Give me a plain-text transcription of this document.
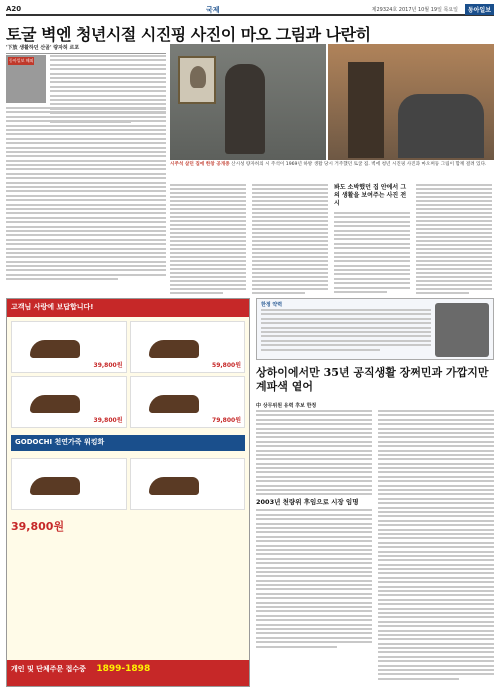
A20	국제	제29324호 2017년 10월 19일 목요일	동아일보
토굴 벽엔 청년시절 시진핑 사진이 마오 그림과 나란히
'下放 생활하던 산골' 량자허 르포
동아일보 해외
시주석 살던 집에 한창 공개중 산시성 량자허의 시 주석이 1969년 하방 생활 당시 거주했던 토굴 집. 벽에 청년 시진핑 사진과 마오쩌둥 그림이 함께 걸려 있다.
봐도 소박했던 집 안에서 그의 생활을 보여주는 사진 전시
고객님 사랑에 보답합니다!
39,800원	59,800원
39,800원	79,800원
GODOCHI 천연가죽 워킹화
39,800원
개인 및 단체주문 접수중 1899-1898
한정 약력
상하이에서만 35년 공직생활 장쩌민과 가깝지만 계파색 옅어
中 상무위원 유력 후보 한정
2003년 천량위 후임으로 시장 임명
